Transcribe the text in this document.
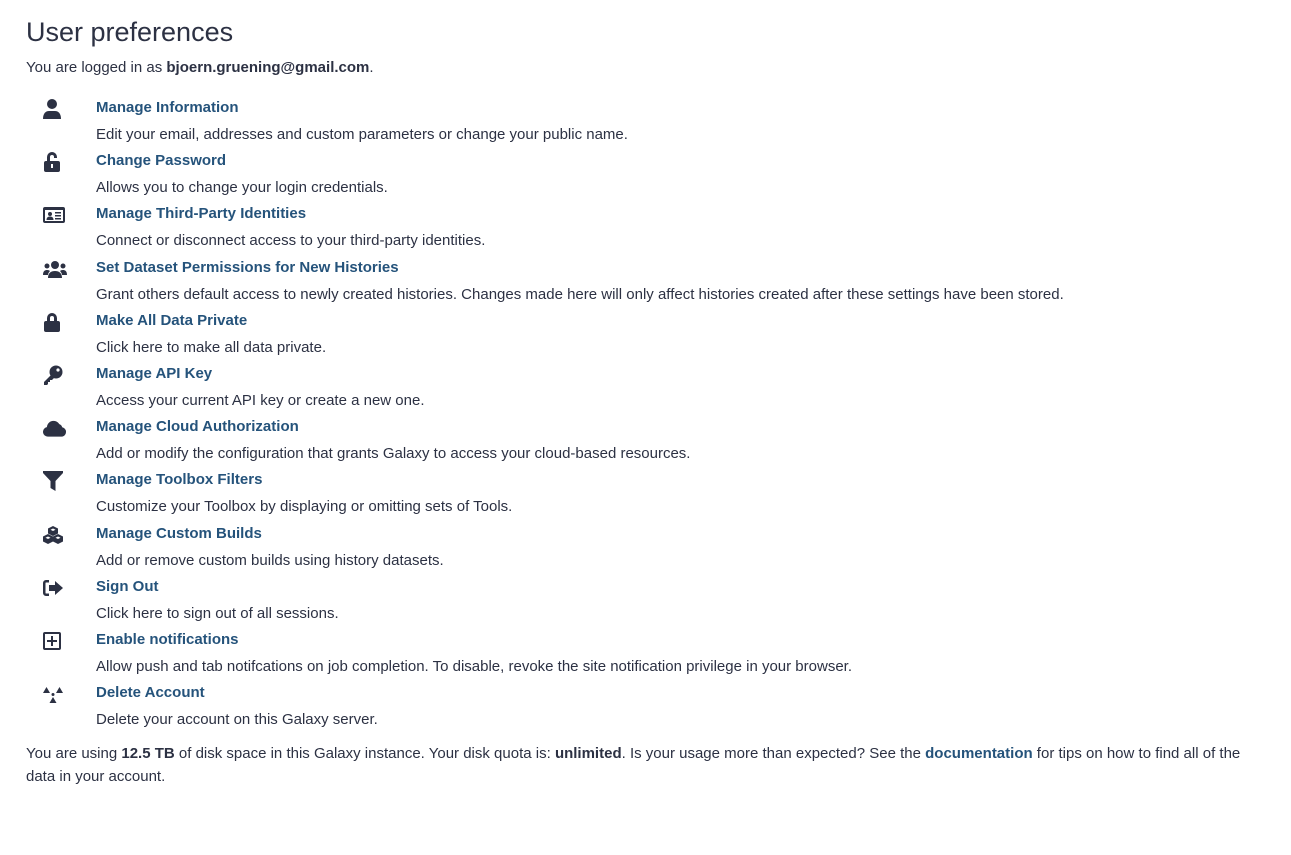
User preferences
You are logged in as bjoern.gruening@gmail.com.
Manage Information
Edit your email, addresses and custom parameters or change your public name.
Change Password
Allows you to change your login credentials.
Manage Third-Party Identities
Connect or disconnect access to your third-party identities.
Set Dataset Permissions for New Histories
Grant others default access to newly created histories. Changes made here will only affect histories created after these settings have been stored.
Make All Data Private
Click here to make all data private.
Manage API Key
Access your current API key or create a new one.
Manage Cloud Authorization
Add or modify the configuration that grants Galaxy to access your cloud-based resources.
Manage Toolbox Filters
Customize your Toolbox by displaying or omitting sets of Tools.
Manage Custom Builds
Add or remove custom builds using history datasets.
Sign Out
Click here to sign out of all sessions.
Enable notifications
Allow push and tab notifcations on job completion. To disable, revoke the site notification privilege in your browser.
Delete Account
Delete your account on this Galaxy server.
You are using 12.5 TB of disk space in this Galaxy instance. Your disk quota is: unlimited. Is your usage more than expected? See the documentation for tips on how to find all of the data in your account.
